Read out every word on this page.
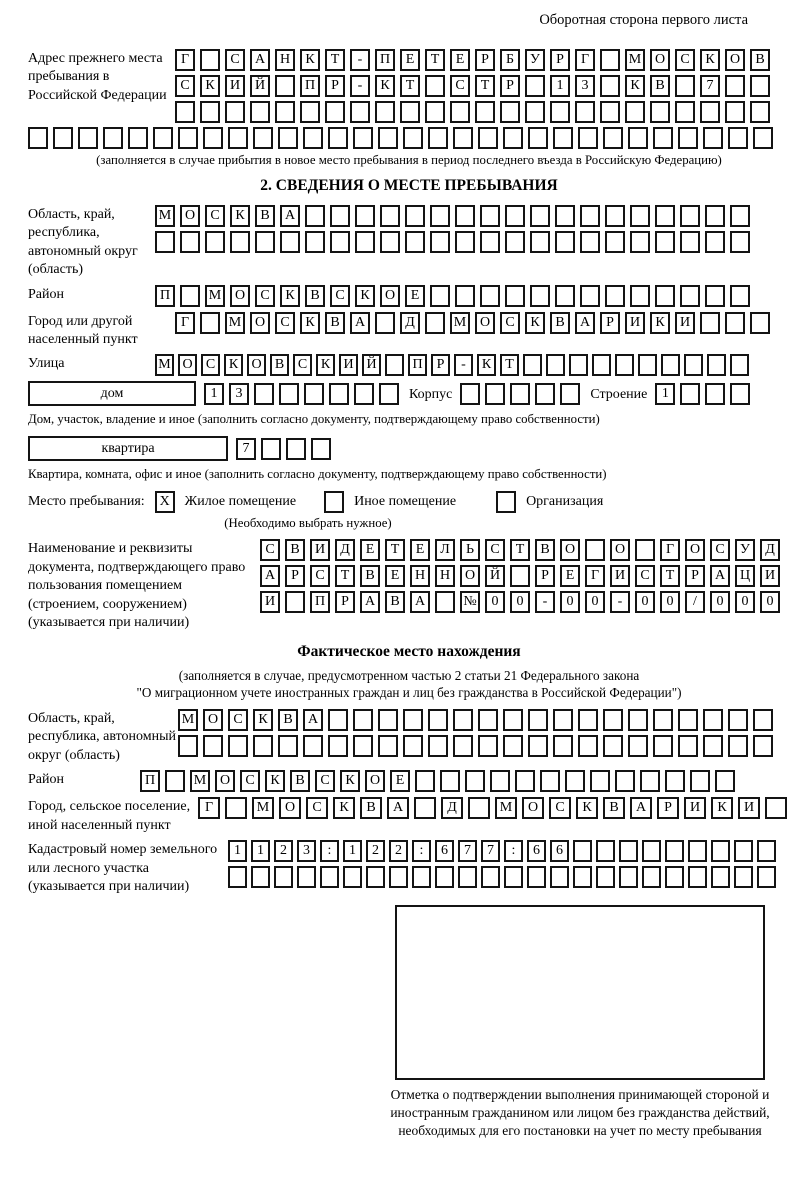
Оборотная сторона первого листа
Адрес прежнего места пребывания в Российской Федерации
Г	С	А	Н	К	Т	-	П	Е	Т	Е	Р	Б	У	Р	Г	М О	С	К	О	В
С	К	И	Й	П	Р	-	К	Т	С	Т	Р	1	3	К	В	7
(заполняется в случае прибытия в новое место пребывания в период последнего въезда в Российскую Федерацию)
2. СВЕДЕНИЯ О МЕСТЕ ПРЕБЫВАНИЯ
Область, край, республика, автономный округ (область)
М О	С	К	В	А
Район	П	М О	С	К	В	С	К	О	Е
Город или другой населенный пункт
Г	М О	С	К	В	А	Д	М О	С	К	В	А	Р	И	К	И
Улица	М О С К О В С К И Й	П	Р	-	К	Т
дом	1	3	Корпус	Строение	1
Дом, участок, владение и иное (заполнить согласно документу, подтверждающему право собственности)
квартира	7
Квартира, комната, офис и иное (заполнить согласно документу, подтверждающему право собственности)
Место пребывания:	X	Жилое помещение	Иное помещение	Организация
(Необходимо выбрать нужное)
Наименование и реквизиты документа, подтверждающего право пользования помещением (строением, сооружением) (указывается при наличии)
С	В	И	Д	Е	Т	Е	Л	Ь	С	Т	В	О	О	Г	О	С	У	Д
А	Р	С	Т	В	Е	Н	Н	О	Й	Р	Е	Г	И	С	Т	Р	А	Ц	И
И	П	Р	А	В	А	№	0	0	-	0	0	-	0	0	/	0	0	0
Фактическое место нахождения
(заполняется в случае, предусмотренном частью 2 статьи 21 Федерального закона
"О миграционном учете иностранных граждан и лиц без гражданства в Российской Федерации")
Область, край, республика, автономный округ (область)
М О	С	К	В	А
Район	П	М О	С	К	В	С	К	О	Е
Город, сельское поселение, иной населенный пункт
Г	М	О	С	К	В	А	Д	М	О	С	К	В	А	Р	И	К	И
Кадастровый номер земельного или лесного участка (указывается при наличии)
1	1	2	3	:	1	2	2	:	6	7	7	:	6	6
Отметка о подтверждении выполнения принимающей стороной и иностранным гражданином или лицом без гражданства действий, необходимых для его постановки на учет по месту пребывания
